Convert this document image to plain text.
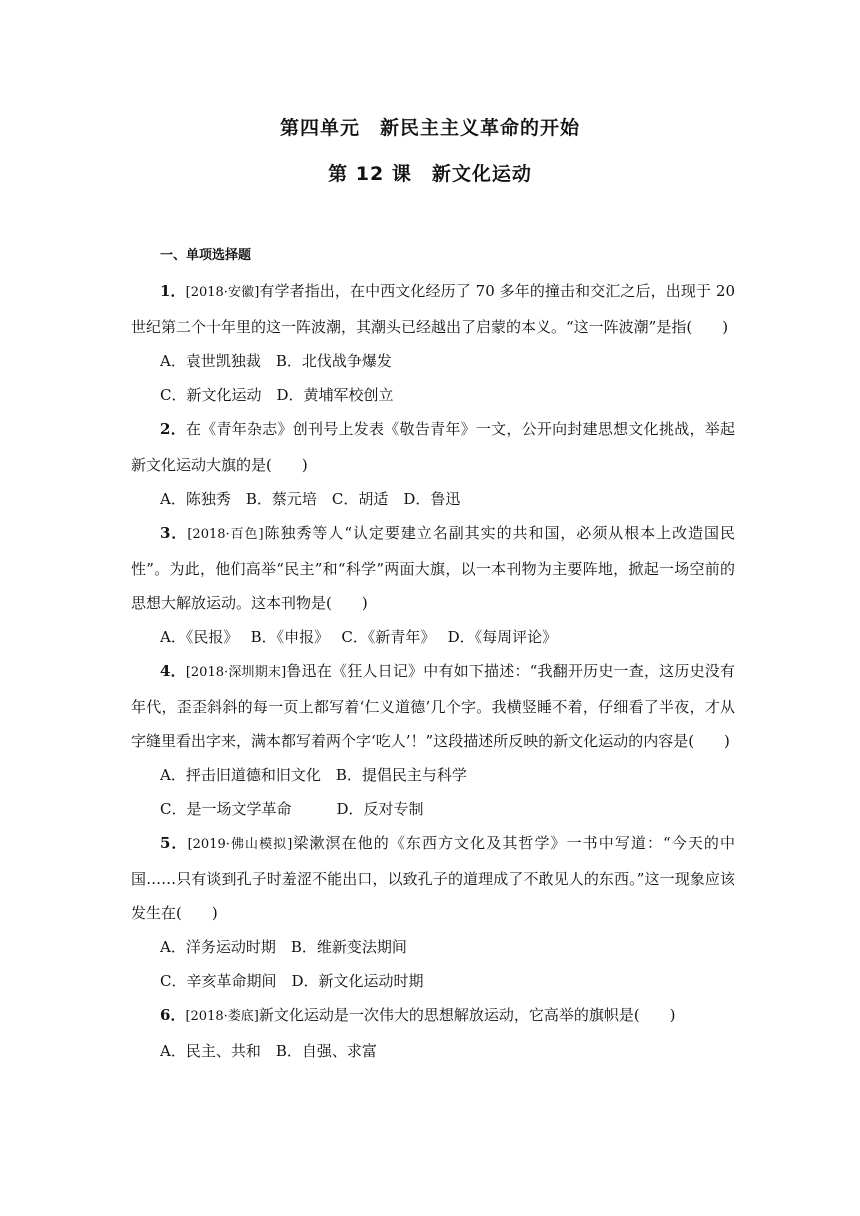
第四单元　新民主主义革命的开始
第 12 课　新文化运动
一、单项选择题

1．[2018·安徽]有学者指出，在中西文化经历了 70 多年的撞击和交汇之后，出现于 20 世纪第二个十年里的这一阵波潮，其潮头已经越出了启蒙的本义。“这一阵波潮”是指(　　)

A．袁世凯独裁　B．北伐战争爆发

C．新文化运动　D．黄埔军校创立

2．在《青年杂志》创刊号上发表《敬告青年》一文，公开向封建思想文化挑战，举起新文化运动大旗的是(　　)

A．陈独秀　B．蔡元培　C．胡适　D．鲁迅

3．[2018·百色]陈独秀等人“认定要建立名副其实的共和国，必须从根本上改造国民性”。为此，他们高举“民主”和“科学”两面大旗，以一本刊物为主要阵地，掀起一场空前的思想大解放运动。这本刊物是(　　)

A．《民报》　 B．《申报》　 C．《新青年》　 D．《每周评论》

4．[2018·深圳期末]鲁迅在《狂人日记》中有如下描述：“我翻开历史一查，这历史没有年代，歪歪斜斜的每一页上都写着‘仁义道德’几个字。我横竖睡不着，仔细看了半夜，才从字缝里看出字来，满本都写着两个字‘吃人’！”这段描述所反映的新文化运动的内容是(　　)

A．抨击旧道德和旧文化　B．提倡民主与科学

C．是一场文学革命　　　D．反对专制

5．[2019·佛山模拟]梁漱溟在他的《东西方文化及其哲学》一书中写道：“今天的中国……只有谈到孔子时羞涩不能出口，以致孔子的道理成了不敢见人的东西。”这一现象应该发生在(　　)

A．洋务运动时期　B．维新变法期间

C．辛亥革命期间　D．新文化运动时期

6．[2018·娄底]新文化运动是一次伟大的思想解放运动，它高举的旗帜是(　　)

A．民主、共和　B．自强、求富
